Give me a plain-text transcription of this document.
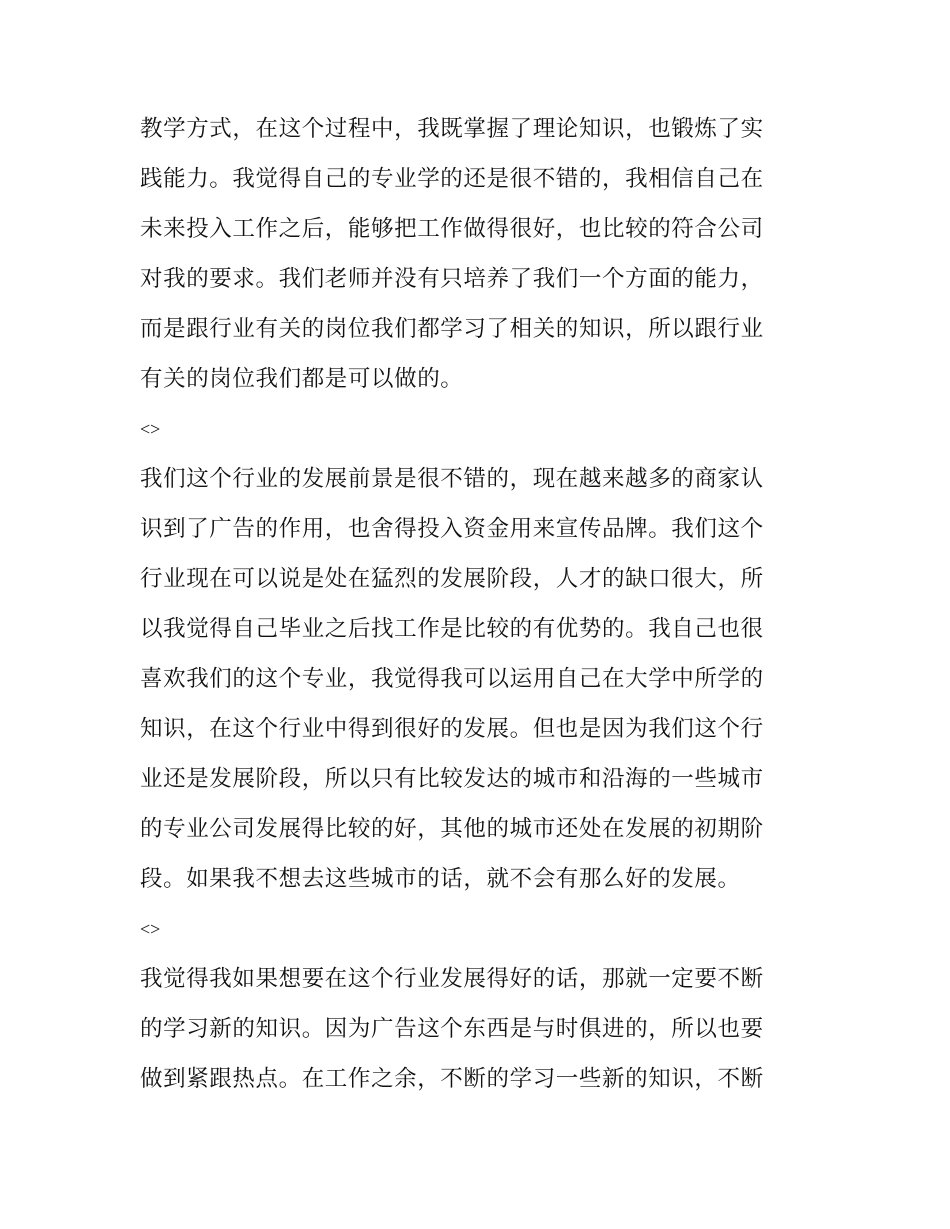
教学方式，在这个过程中，我既掌握了理论知识，也锻炼了实
践能力。我觉得自己的专业学的还是很不错的，我相信自己在
未来投入工作之后，能够把工作做得很好，也比较的符合公司
对我的要求。我们老师并没有只培养了我们一个方面的能力，
而是跟行业有关的岗位我们都学习了相关的知识，所以跟行业
有关的岗位我们都是可以做的。
<>
我们这个行业的发展前景是很不错的，现在越来越多的商家认
识到了广告的作用，也舍得投入资金用来宣传品牌。我们这个
行业现在可以说是处在猛烈的发展阶段，人才的缺口很大，所
以我觉得自己毕业之后找工作是比较的有优势的。我自己也很
喜欢我们的这个专业，我觉得我可以运用自己在大学中所学的
知识，在这个行业中得到很好的发展。但也是因为我们这个行
业还是发展阶段，所以只有比较发达的城市和沿海的一些城市
的专业公司发展得比较的好，其他的城市还处在发展的初期阶
段。如果我不想去这些城市的话，就不会有那么好的发展。
<>
我觉得我如果想要在这个行业发展得好的话，那就一定要不断
的学习新的知识。因为广告这个东西是与时俱进的，所以也要
做到紧跟热点。在工作之余，不断的学习一些新的知识，不断
